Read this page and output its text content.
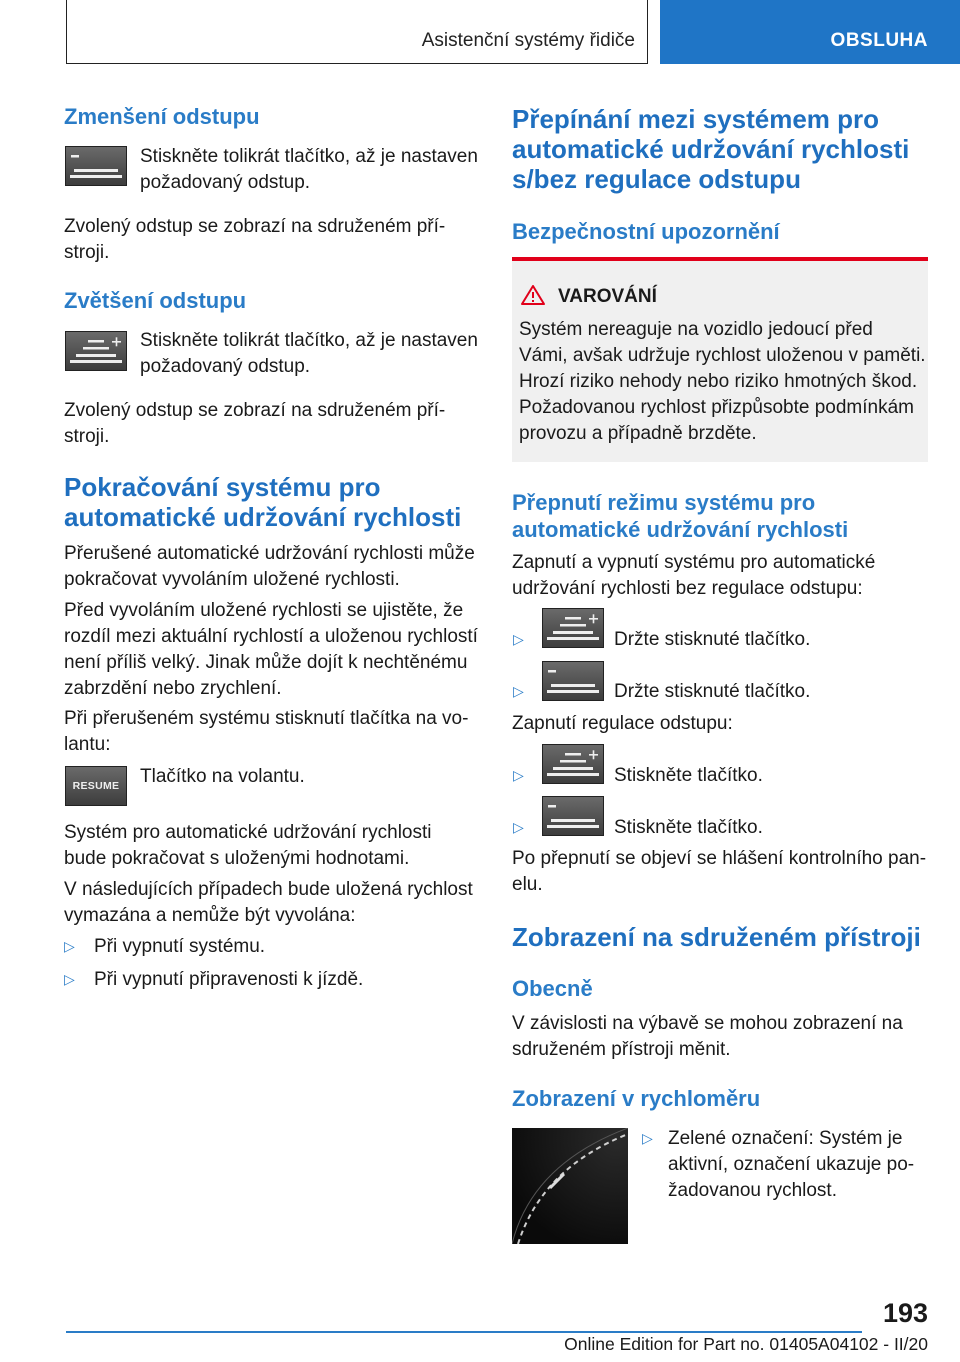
Asistenční systémy řidiče	OBSLUHA
Zmenšení odstupu
Stiskněte tolikrát tlačítko, až je nastaven
požadovaný odstup.
Zvolený odstup se zobrazí na sdruženém pří-
stroji.
Zvětšení odstupu
Stiskněte tolikrát tlačítko, až je nastaven
požadovaný odstup.
Zvolený odstup se zobrazí na sdruženém pří-
stroji.
Pokračování systému pro
automatické udržování rychlosti
Přerušené automatické udržování rychlosti může
pokračovat vyvoláním uložené rychlosti.
Před vyvoláním uložené rychlosti se ujistěte, že
rozdíl mezi aktuální rychlostí a uloženou rychlostí
není příliš velký. Jinak může dojít k nechtěnému
zabrzdění nebo zrychlení.
Při přerušeném systému stisknutí tlačítka na vo-
lantu:
RESUME Tlačítko na volantu.
Systém pro automatické udržování rychlosti
bude pokračovat s uloženými hodnotami.
V následujících případech bude uložená rychlost
vymazána a nemůže být vyvolána:
▷ Při vypnutí systému.
▷ Při vypnutí připravenosti k jízdě.
Přepínání mezi systémem pro
automatické udržování rychlosti
s/bez regulace odstupu
Bezpečnostní upozornění
VAROVÁNÍ
Systém nereaguje na vozidlo jedoucí před
Vámi, avšak udržuje rychlost uloženou v paměti.
Hrozí riziko nehody nebo riziko hmotných škod.
Požadovanou rychlost přizpůsobte podmínkám
provozu a případně brzděte.
Přepnutí režimu systému pro
automatické udržování rychlosti
Zapnutí a vypnutí systému pro automatické
udržování rychlosti bez regulace odstupu:
▷	Držte stisknuté tlačítko.
▷	Držte stisknuté tlačítko.
Zapnutí regulace odstupu:
▷	Stiskněte tlačítko.
▷	Stiskněte tlačítko.
Po přepnutí se objeví se hlášení kontrolního pan-
elu.
Zobrazení na sdruženém přístroji
Obecně
V závislosti na výbavě se mohou zobrazení na
sdruženém přístroji měnit.
Zobrazení v rychloměru
▷ Zelené označení: Systém je
aktivní, označení ukazuje po-
žadovanou rychlost.
193
Online Edition for Part no. 01405A04102 - II/20
